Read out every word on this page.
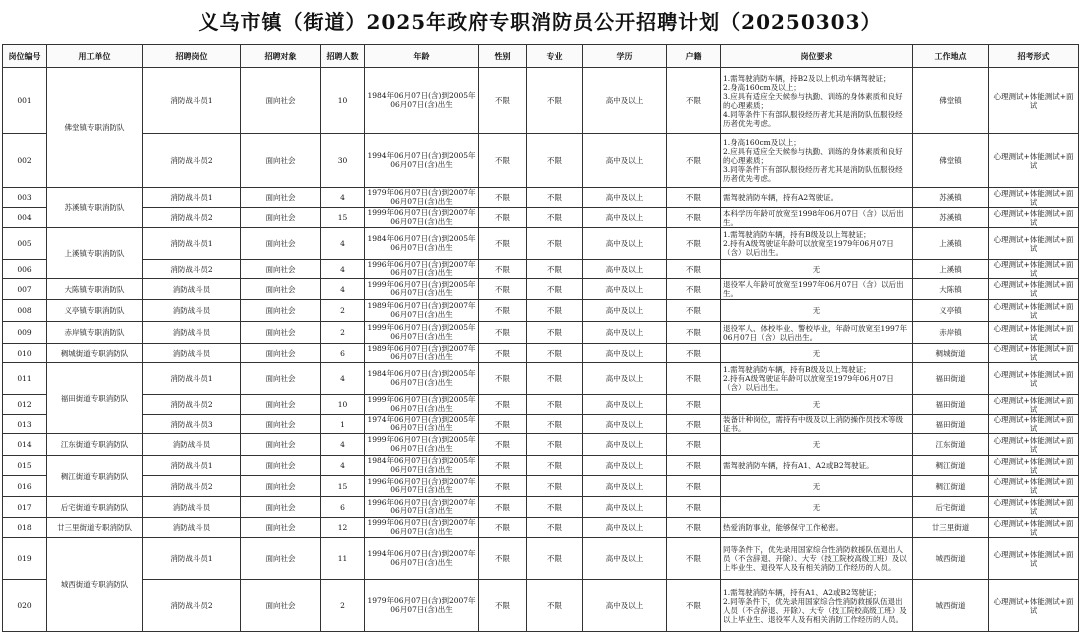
义乌市镇（街道）2025年政府专职消防员公开招聘计划（20250303）
岗位编号	用工单位	招聘岗位	招聘对象	招聘人数	年龄	性别	专业	学历	户籍	岗位要求	工作地点	招考形式
001	佛堂镇专职消防队	消防战斗员1	面向社会	10	1984年06月07日(含)到2005年06月07日(含)出生	不限	不限	高中及以上	不限	1.需驾驶消防车辆，持B2及以上机动车辆驾驶证；
2.身高160cm及以上；
3.应具有适应全天候参与执勤、训练的身体素质和良好的心理素质；
4.同等条件下有部队服役经历者尤其是消防队伍服役经历者优先考虑。	佛堂镇	心理测试+体能测试+面试
002		消防战斗员2	面向社会	30	1994年06月07日(含)到2005年06月07日(含)出生	不限	不限	高中及以上	不限	1.身高160cm及以上；
2.应具有适应全天候参与执勤、训练的身体素质和良好的心理素质；
3.同等条件下有部队服役经历者尤其是消防队伍服役经历者优先考虑。	佛堂镇	心理测试+体能测试+面试
003	苏溪镇专职消防队	消防战斗员1	面向社会	4	1979年06月07日(含)到2007年06月07日(含)出生	不限	不限	高中及以上	不限	需驾驶消防车辆，持有A2驾驶证。	苏溪镇	心理测试+体能测试+面试
004		消防战斗员2	面向社会	15	1999年06月07日(含)到2007年06月07日(含)出生	不限	不限	高中及以上	不限	本科学历年龄可放宽至1998年06月07日（含）以后出生。	苏溪镇	心理测试+体能测试+面试
005	上溪镇专职消防队	消防战斗员1	面向社会	4	1984年06月07日(含)到2005年06月07日(含)出生	不限	不限	高中及以上	不限	1.需驾驶消防车辆，持有B级及以上驾驶证；
2.持有A级驾驶证年龄可以放宽至1979年06月07日（含）以后出生。	上溪镇	心理测试+体能测试+面试
006		消防战斗员2	面向社会	4	1996年06月07日(含)到2007年06月07日(含)出生	不限	不限	高中及以上	不限	无	上溪镇	心理测试+体能测试+面试
007	大陈镇专职消防队	消防战斗员	面向社会	4	1999年06月07日(含)到2005年06月07日(含)出生	不限	不限	高中及以上	不限	退役军人年龄可放宽至1997年06月07日（含）以后出生。	大陈镇	心理测试+体能测试+面试
008	义亭镇专职消防队	消防战斗员	面向社会	2	1989年06月07日(含)到2007年06月07日(含)出生	不限	不限	高中及以上	不限	无	义亭镇	心理测试+体能测试+面试
009	赤岸镇专职消防队	消防战斗员	面向社会	2	1999年06月07日(含)到2005年06月07日(含)出生	不限	不限	高中及以上	不限	退役军人、体校毕业、警校毕业，年龄可放宽至1997年06月07日（含）以后出生。	赤岸镇	心理测试+体能测试+面试
010	稠城街道专职消防队	消防战斗员	面向社会	6	1989年06月07日(含)到2007年06月07日(含)出生	不限	不限	高中及以上	不限	无	稠城街道	心理测试+体能测试+面试
011	福田街道专职消防队	消防战斗员1	面向社会	4	1984年06月07日(含)到2005年06月07日(含)出生	不限	不限	高中及以上	不限	1.需驾驶消防车辆，持有B级及以上驾驶证；
2.持有A级驾驶证年龄可以放宽至1979年06月07日（含）以后出生。	福田街道	心理测试+体能测试+面试
012		消防战斗员2	面向社会	10	1999年06月07日(含)到2005年06月07日(含)出生	不限	不限	高中及以上	不限	无	福田街道	心理测试+体能测试+面试
013		消防战斗员3	面向社会	1	1974年06月07日(含)到2005年06月07日(含)出生	不限	不限	高中及以上	不限	装备计种岗位，需持有中级及以上消防操作员技术等级证书。	福田街道	心理测试+体能测试+面试
014	江东街道专职消防队	消防战斗员	面向社会	4	1999年06月07日(含)到2005年06月07日(含)出生	不限	不限	高中及以上	不限	无	江东街道	心理测试+体能测试+面试
015	稠江街道专职消防队	消防战斗员1	面向社会	4	1984年06月07日(含)到2005年06月07日(含)出生	不限	不限	高中及以上	不限	需驾驶消防车辆，持有A1、A2或B2驾驶证。	稠江街道	心理测试+体能测试+面试
016		消防战斗员2	面向社会	15	1996年06月07日(含)到2007年06月07日(含)出生	不限	不限	高中及以上	不限	无	稠江街道	心理测试+体能测试+面试
017	后宅街道专职消防队	消防战斗员	面向社会	6	1996年06月07日(含)到2007年06月07日(含)出生	不限	不限	高中及以上	不限	无	后宅街道	心理测试+体能测试+面试
018	廿三里街道专职消防队	消防战斗员	面向社会	12	1999年06月07日(含)到2007年06月07日(含)出生	不限	不限	高中及以上	不限	热爱消防事业，能够保守工作秘密。	廿三里街道	心理测试+体能测试+面试
019	城西街道专职消防队	消防战斗员1	面向社会	11	1994年06月07日(含)到2007年06月07日(含)出生	不限	不限	高中及以上	不限	同等条件下，优先录用国家综合性消防救援队伍退出人员（不含辞退、开除）、大专（技工院校高级工班）及以上毕业生、退役军人及有相关消防工作经历的人员。	城西街道	心理测试+体能测试+面试
020		消防战斗员2	面向社会	2	1979年06月07日(含)到2007年06月07日(含)出生	不限	不限	高中及以上	不限	1.需驾驶消防车辆，持有A1、A2或B2驾驶证；
2.同等条件下，优先录用国家综合性消防救援队伍退出人员（不含辞退、开除）、大专（技工院校高级工班）及以上毕业生、退役军人及有相关消防工作经历的人员。	城西街道	心理测试+体能测试+面试
